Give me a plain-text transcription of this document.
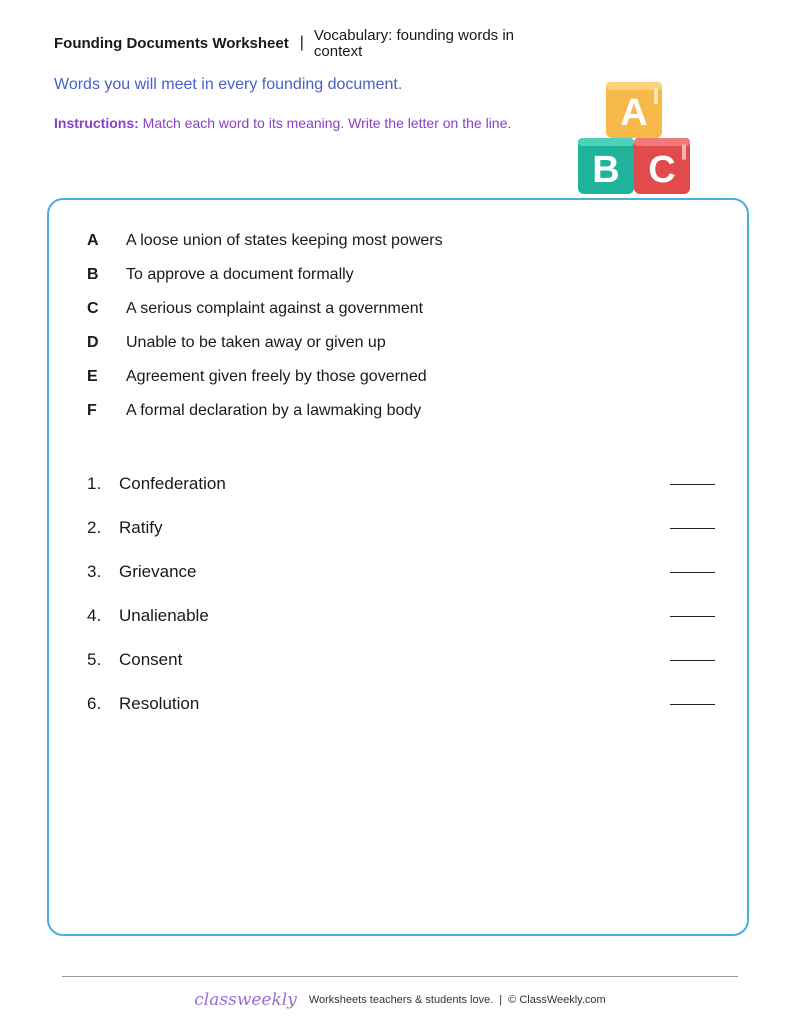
Founding Documents Worksheet | Vocabulary: founding words in context
Words you will meet in every founding document.
Instructions: Match each word to its meaning. Write the letter on the line.	A
B C
A	A loose union of states keeping most powers
B	To approve a document formally
C	A serious complaint against a government
D	Unable to be taken away or given up
E	Agreement given freely by those governed
F	A formal declaration by a lawmaking body
1.	Confederation
2.	Ratify
3.	Grievance
4.	Unalienable
5.	Consent
6.	Resolution
classweekly Worksheets teachers & students love. | © ClassWeekly.com
